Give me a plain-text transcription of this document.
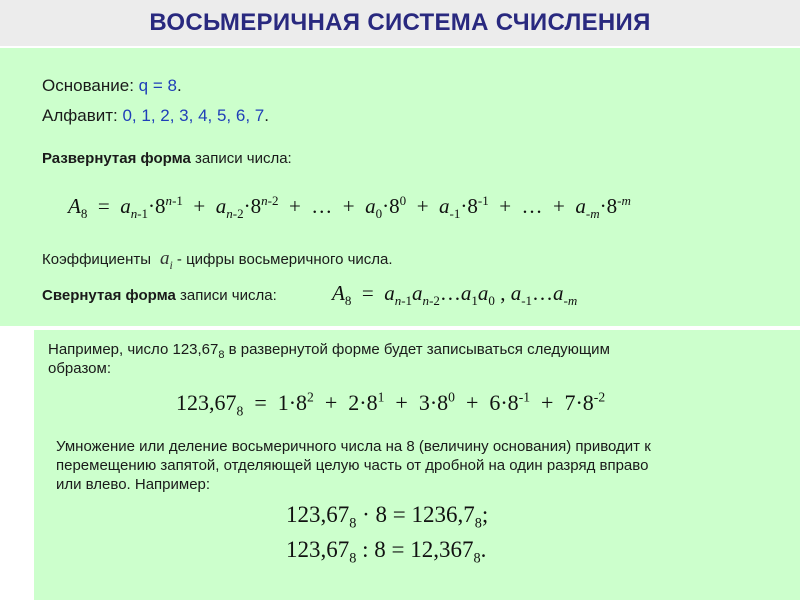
ВОСЬМЕРИЧНАЯ СИСТЕМА СЧИСЛЕНИЯ
Основание: q = 8.
Алфавит: 0, 1, 2, 3, 4, 5, 6, 7.
Развернутая форма записи числа:
$A_8 = a_{n-1}\cdot 8^{n-1} + a_{n-2}\cdot 8^{n-2}$  +  …  +  $a_0\cdot 8^0 + a_{-1}\cdot 8^{-1}$  +  …  +  $a_{-m}\cdot 8^{-m}$
Коэффициенты  $a_i$ - цифры восьмеричного числа.
Свернутая форма записи числа:	$A_8$  =  $a_{n-1}a_{n-2}\dots a_1a_0$ , $a_{-1}\dots a_{-m}$
Например, число $123,67_8$ в развернутой форме будет записываться следующим
образом:
$123,67_8 = 1\cdot 8^2 + 2\cdot 8^1 + 3\cdot 8^0 + 6\cdot 8^{-1} + 7\cdot 8^{-2}$
Умножение или деление восьмеричного числа на 8 (величину основания) приводит к
перемещению запятой, отделяющей целую часть от дробной на один разряд вправо
или влево. Например:
$123,67_8 \cdot 8 = 1236,7_8$;
$123,67_8$ : $8 = 12,367_8$.
